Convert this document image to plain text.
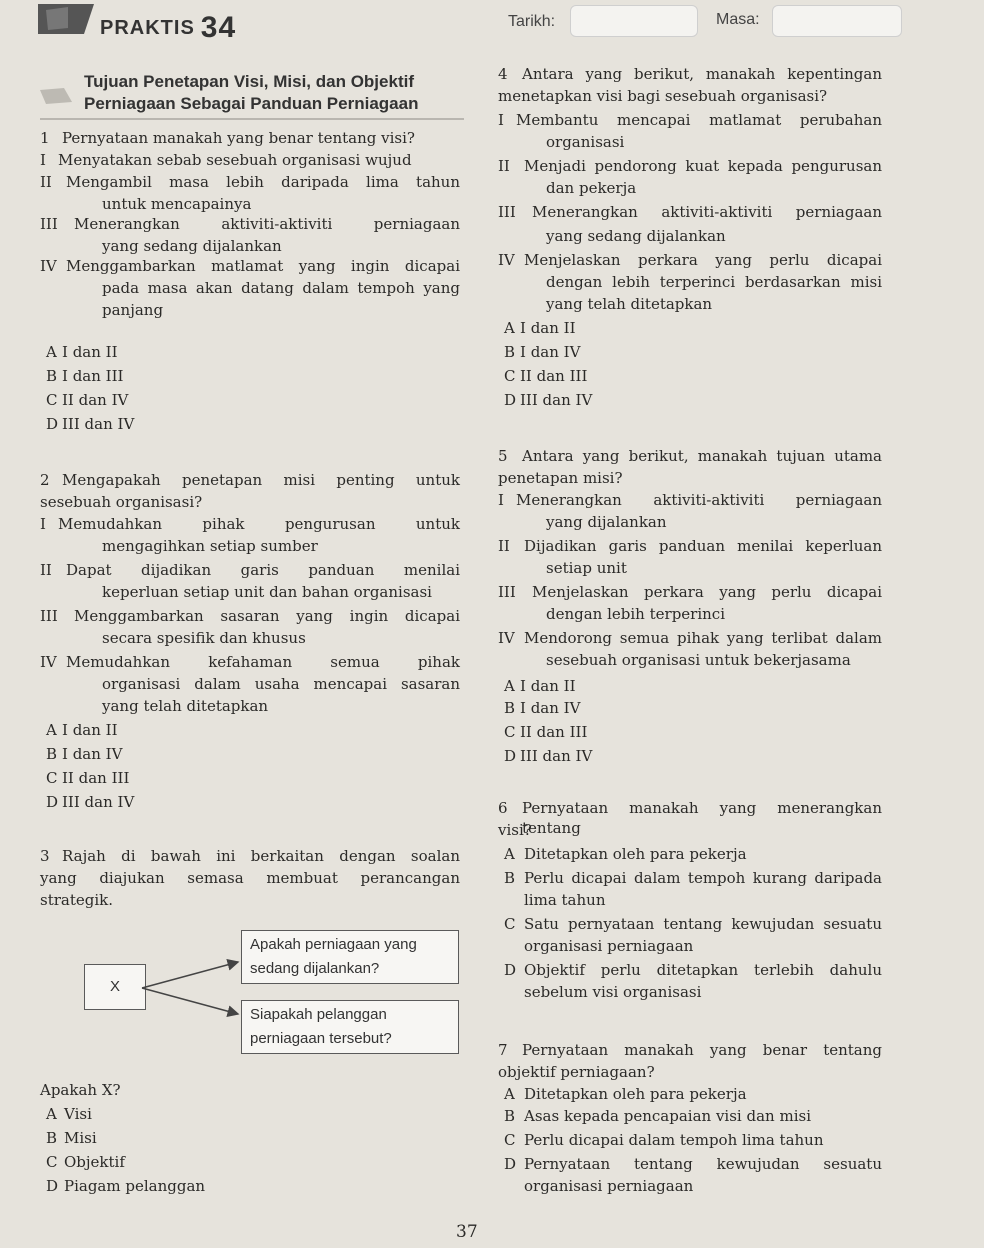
PRAKTIS 34	Tarikh:	Masa:
Tujuan Penetapan Visi, Misi, dan Objektif
Perniagaan Sebagai Panduan Perniagaan
1 Pernyataan manakah yang benar tentang visi?
I Menyatakan sebab sesebuah organisasi wujud
II Mengambil masa lebih daripada lima tahun
untuk mencapainya
III Menerangkan aktiviti-aktiviti perniagaan
yang sedang dijalankan
IV Menggambarkan matlamat yang ingin dicapai
pada masa akan datang dalam tempoh yang
panjang
A I dan II
B I dan III
C II dan IV
D III dan IV
2 Mengapakah penetapan misi penting untuk
sesebuah organisasi?
I Memudahkan pihak pengurusan untuk
mengagihkan setiap sumber
II Dapat dijadikan garis panduan menilai
keperluan setiap unit dan bahan organisasi
III Menggambarkan sasaran yang ingin dicapai
secara spesifik dan khusus
IV Memudahkan kefahaman semua pihak
organisasi dalam usaha mencapai sasaran
yang telah ditetapkan
A I dan II
B I dan IV
C II dan III
D III dan IV
3 Rajah di bawah ini berkaitan dengan soalan
yang diajukan semasa membuat perancangan
strategik.
Apakah X?
A Visi
B Misi
C Objektif
D Piagam pelanggan
4 Antara yang berikut, manakah kepentingan
menetapkan visi bagi sesebuah organisasi?
I Membantu mencapai matlamat perubahan
organisasi
II Menjadi pendorong kuat kepada pengurusan
dan pekerja
III Menerangkan aktiviti-aktiviti perniagaan
yang sedang dijalankan
IV Menjelaskan perkara yang perlu dicapai
dengan lebih terperinci berdasarkan misi
yang telah ditetapkan
A I dan II
B I dan IV
C II dan III
D III dan IV
5 Antara yang berikut, manakah tujuan utama
penetapan misi?
I Menerangkan aktiviti-aktiviti perniagaan
yang dijalankan
II Dijadikan garis panduan menilai keperluan
setiap unit
III Menjelaskan perkara yang perlu dicapai
dengan lebih terperinci
IV Mendorong semua pihak yang terlibat dalam
sesebuah organisasi untuk bekerjasama
A I dan II
B I dan IV
C II dan III
D III dan IV
6 Pernyataan manakah yang menerangkan tentang
visi?
A Ditetapkan oleh para pekerja
B Perlu dicapai dalam tempoh kurang daripada
lima tahun
C Satu pernyataan tentang kewujudan sesuatu
organisasi perniagaan
D Objektif perlu ditetapkan terlebih dahulu
sebelum visi organisasi
7 Pernyataan manakah yang benar tentang
objektif perniagaan?
A Ditetapkan oleh para pekerja
B Asas kepada pencapaian visi dan misi
C Perlu dicapai dalam tempoh lima tahun
D Pernyataan tentang kewujudan sesuatu
organisasi perniagaan
X
Apakah perniagaan yang
sedang dijalankan?
Siapakah pelanggan
perniagaan tersebut?
37
